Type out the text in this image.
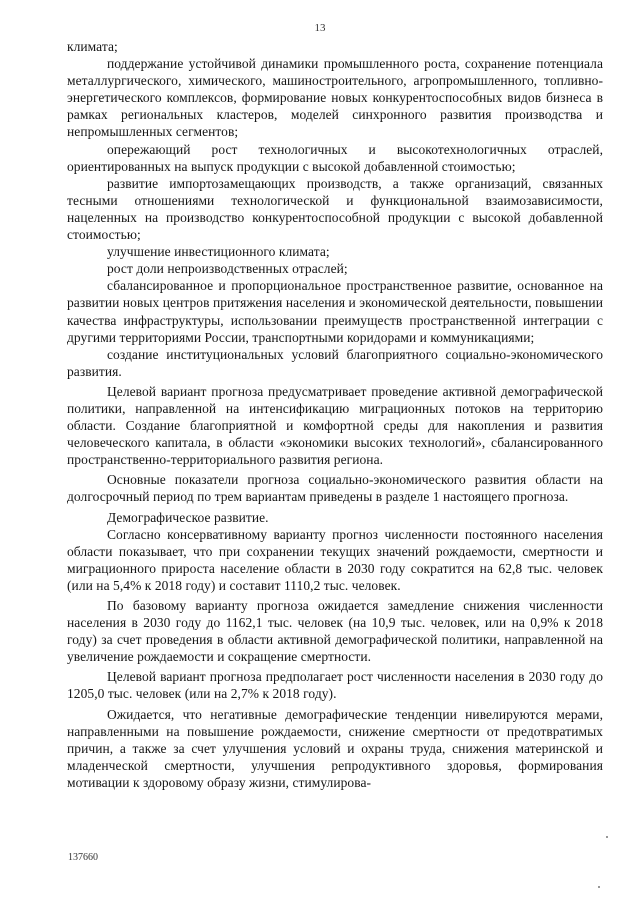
13

климата;

поддержание устойчивой динамики промышленного роста, сохранение потенциала металлургического, химического, машиностроительного, агропромышленного, топливно-энергетического комплексов, формирование новых конкурентоспособных видов бизнеса в рамках региональных кластеров, моделей синхронного развития производства и непромышленных сегментов;

опережающий рост технологичных и высокотехнологичных отраслей, ориентированных на выпуск продукции с высокой добавленной стоимостью;

развитие импортозамещающих производств, а также организаций, связанных тесными отношениями технологической и функциональной взаимозависимости, нацеленных на производство конкурентоспособной продукции с высокой добавленной стоимостью;

улучшение инвестиционного климата;

рост доли непроизводственных отраслей;

сбалансированное и пропорциональное пространственное развитие, основанное на развитии новых центров притяжения населения и экономической деятельности, повышении качества инфраструктуры, использовании преимуществ пространственной интеграции с другими территориями России, транспортными коридорами и коммуникациями;

создание институциональных условий благоприятного социально-экономического развития.

Целевой вариант прогноза предусматривает проведение активной демографической политики, направленной на интенсификацию миграционных потоков на территорию области. Создание благоприятной и комфортной среды для накопления и развития человеческого капитала, в области «экономики высоких технологий», сбалансированного пространственно-территориального развития региона.

Основные показатели прогноза социально-экономического развития области на долгосрочный период по трем вариантам приведены в разделе 1 настоящего прогноза.

Демографическое развитие.

Согласно консервативному варианту прогноз численности постоянного населения области показывает, что при сохранении текущих значений рождаемости, смертности и миграционного прироста население области в 2030 году сократится на 62,8 тыс. человек (или на 5,4% к 2018 году) и составит 1110,2 тыс. человек.

По базовому варианту прогноза ожидается замедление снижения численности населения в 2030 году до 1162,1 тыс. человек (на 10,9 тыс. человек, или на 0,9% к 2018 году) за счет проведения в области активной демографической политики, направленной на увеличение рождаемости и сокращение смертности.

Целевой вариант прогноза предполагает рост численности населения в 2030 году до 1205,0 тыс. человек (или на 2,7% к 2018 году).

Ожидается, что негативные демографические тенденции нивелируются мерами, направленными на повышение рождаемости, снижение смертности от предотвратимых причин, а также за счет улучшения условий и охраны труда, снижения материнской и младенческой смертности, улучшения репродуктивного здоровья, формирования мотивации к здоровому образу жизни, стимулирова-

137660
